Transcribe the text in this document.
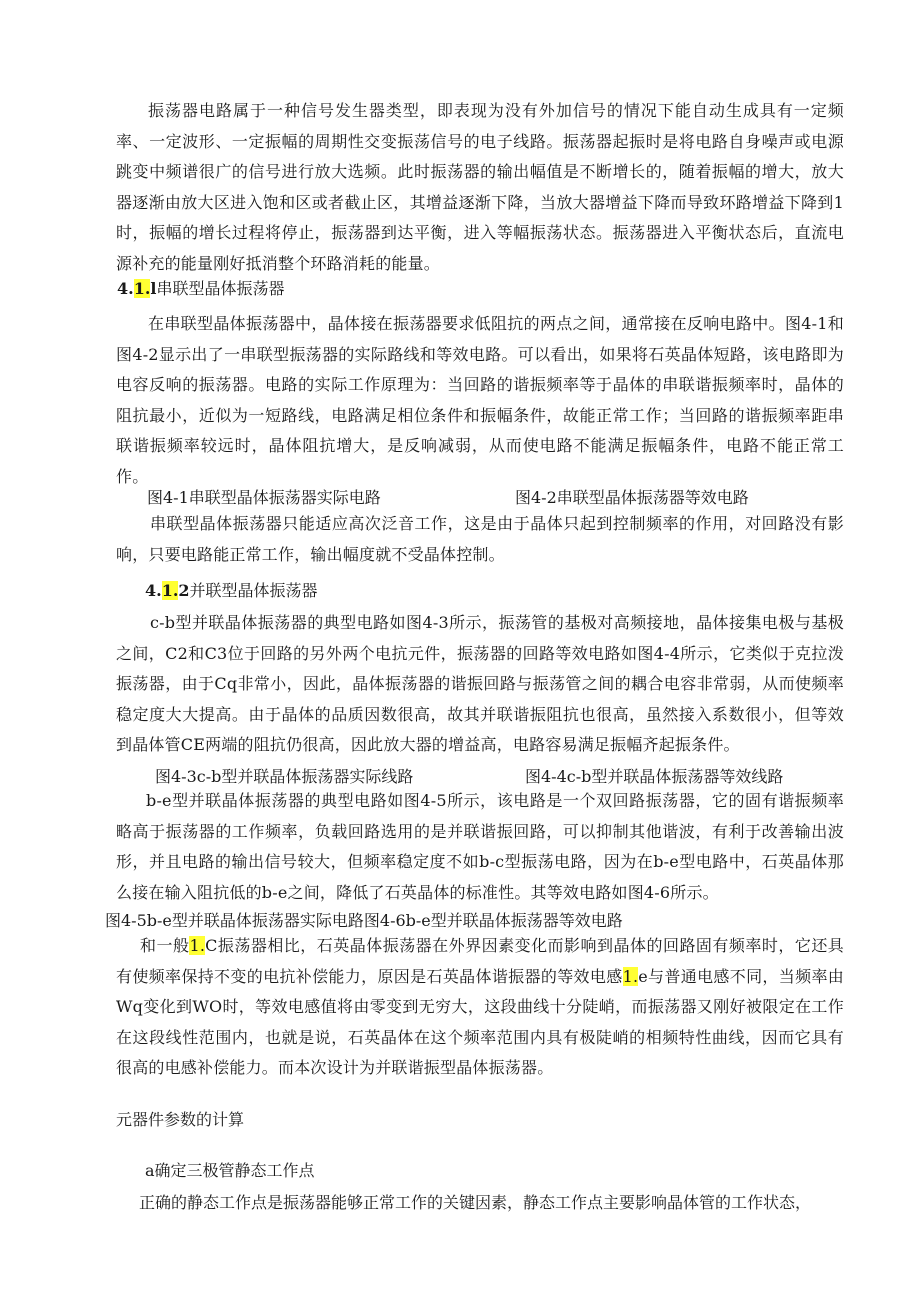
振荡器电路属于一种信号发生器类型，即表现为没有外加信号的情况下能自动生成具有一定频率、一定波形、一定振幅的周期性交变振荡信号的电子线路。振荡器起振时是将电路自身噪声或电源跳变中频谱很广的信号进行放大选频。此时振荡器的输出幅值是不断增长的，随着振幅的增大，放大器逐渐由放大区进入饱和区或者截止区，其增益逐渐下降，当放大器增益下降而导致环路增益下降到1时，振幅的增长过程将停止，振荡器到达平衡，进入等幅振荡状态。振荡器进入平衡状态后，直流电源补充的能量刚好抵消整个环路消耗的能量。

4.1.l串联型晶体振荡器

在串联型晶体振荡器中，晶体接在振荡器要求低阻抗的两点之间，通常接在反响电路中。图4-1和图4-2显示出了一串联型振荡器的实际路线和等效电路。可以看出，如果将石英晶体短路，该电路即为电容反响的振荡器。电路的实际工作原理为：当回路的谐振频率等于晶体的串联谐振频率时，晶体的阻抗最小，近似为一短路线，电路满足相位条件和振幅条件，故能正常工作；当回路的谐振频率距串联谐振频率较远时，晶体阻抗增大，是反响减弱，从而使电路不能满足振幅条件，电路不能正常工作。

图4-1串联型晶体振荡器实际电路	图4-2串联型晶体振荡器等效电路

串联型晶体振荡器只能适应高次泛音工作，这是由于晶体只起到控制频率的作用，对回路没有影响，只要电路能正常工作，输出幅度就不受晶体控制。

4.1.2并联型晶体振荡器

c-b型并联晶体振荡器的典型电路如图4-3所示，振荡管的基极对高频接地，晶体接集电极与基极之间，C2和C3位于回路的另外两个电抗元件，振荡器的回路等效电路如图4-4所示，它类似于克拉泼振荡器，由于Cq非常小，因此，晶体振荡器的谐振回路与振荡管之间的耦合电容非常弱，从而使频率稳定度大大提高。由于晶体的品质因数很高，故其并联谐振阻抗也很高，虽然接入系数很小，但等效到晶体管CE两端的阻抗仍很高，因此放大器的增益高，电路容易满足振幅齐起振条件。

图4-3c-b型并联晶体振荡器实际线路	图4-4c-b型并联晶体振荡器等效线路

b-e型并联晶体振荡器的典型电路如图4-5所示，该电路是一个双回路振荡器，它的固有谐振频率略高于振荡器的工作频率，负载回路选用的是并联谐振回路，可以抑制其他谐波，有利于改善输出波形，并且电路的输出信号较大，但频率稳定度不如b-c型振荡电路，因为在b-e型电路中，石英晶体那么接在输入阻抗低的b-e之间，降低了石英晶体的标准性。其等效电路如图4-6所示。

图4-5b-e型并联晶体振荡器实际电路图4-6b-e型并联晶体振荡器等效电路

和一般1.C振荡器相比，石英晶体振荡器在外界因素变化而影响到晶体的回路固有频率时，它还具有使频率保持不变的电抗补偿能力，原因是石英晶体谐振器的等效电感1.e与普通电感不同，当频率由Wq变化到WO时，等效电感值将由零变到无穷大，这段曲线十分陡峭，而振荡器又刚好被限定在工作在这段线性范围内，也就是说，石英晶体在这个频率范围内具有极陡峭的相频特性曲线，因而它具有很高的电感补偿能力。而本次设计为并联谐振型晶体振荡器。

元器件参数的计算

a确定三极管静态工作点

正确的静态工作点是振荡器能够正常工作的关键因素，静态工作点主要影响晶体管的工作状态，
